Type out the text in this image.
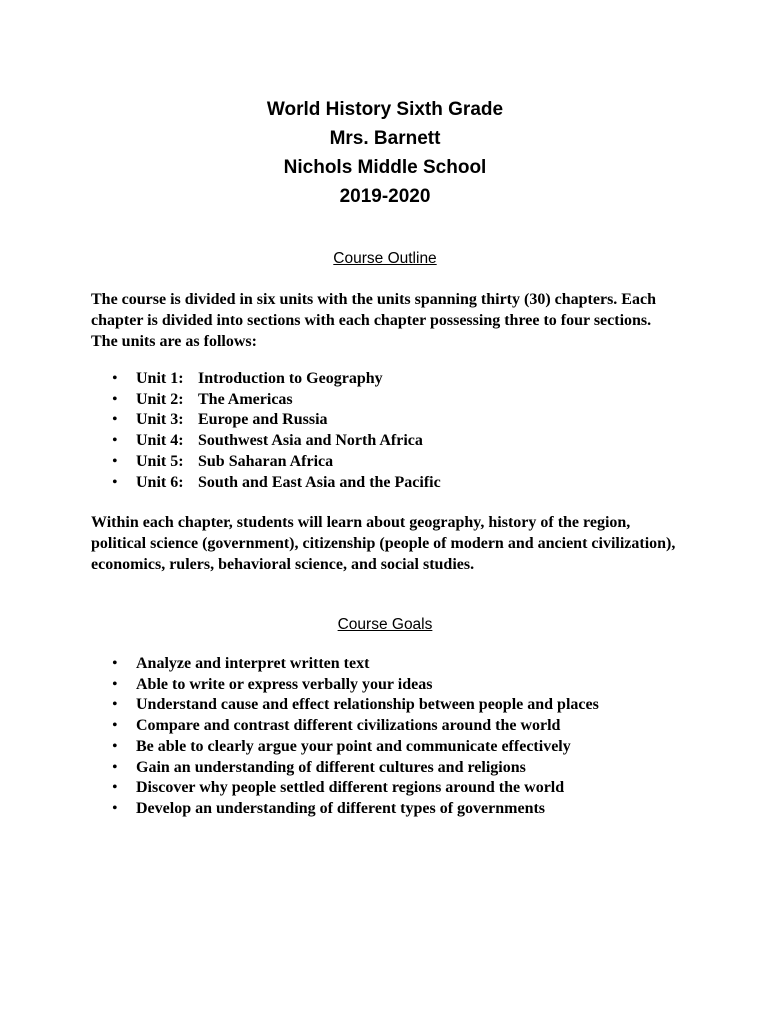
World History Sixth Grade
Mrs. Barnett
Nichols Middle School
2019-2020
Course Outline

The course is divided in six units with the units spanning thirty (30) chapters. Each chapter is divided into sections with each chapter possessing three to four sections. The units are as follows:

• Unit 1: Introduction to Geography
• Unit 2: The Americas
• Unit 3: Europe and Russia
• Unit 4: Southwest Asia and North Africa
• Unit 5: Sub Saharan Africa
• Unit 6: South and East Asia and the Pacific

Within each chapter, students will learn about geography, history of the region, political science (government), citizenship (people of modern and ancient civilization), economics, rulers, behavioral science, and social studies.

Course Goals
• Analyze and interpret written text
• Able to write or express verbally your ideas
• Understand cause and effect relationship between people and places
• Compare and contrast different civilizations around the world
• Be able to clearly argue your point and communicate effectively
• Gain an understanding of different cultures and religions
• Discover why people settled different regions around the world
• Develop an understanding of different types of governments
